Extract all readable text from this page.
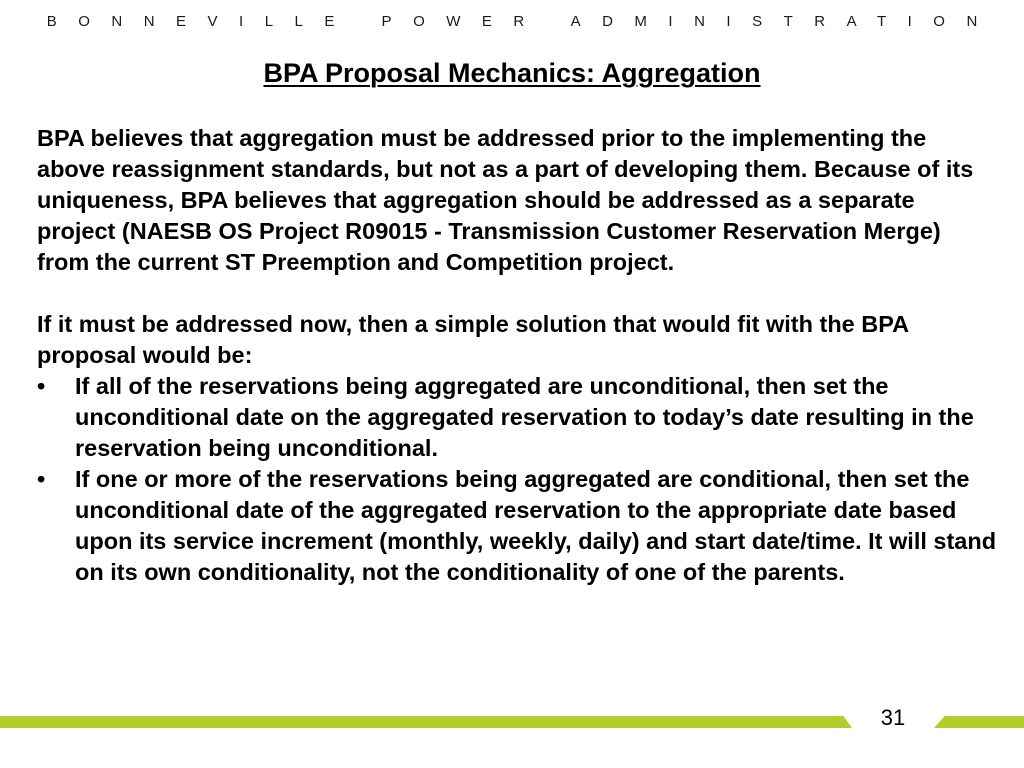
BONNEVILLE POWER ADMINISTRATION
BPA Proposal Mechanics: Aggregation

BPA believes that aggregation must be addressed prior to the implementing the above reassignment standards, but not as a part of developing them. Because of its uniqueness, BPA believes that aggregation should be addressed as a separate project (NAESB OS Project R09015 - Transmission Customer Reservation Merge) from the current ST Preemption and Competition project.

If it must be addressed now, then a simple solution that would fit with the BPA proposal would be:

•	If all of the reservations being aggregated are unconditional, then set the unconditional date on the aggregated reservation to today’s date resulting in the reservation being unconditional.
•	If one or more of the reservations being aggregated are conditional, then set the unconditional date of the aggregated reservation to the appropriate date based upon its service increment (monthly, weekly, daily) and start date/time. It will stand on its own conditionality, not the conditionality of one of the parents.
31
